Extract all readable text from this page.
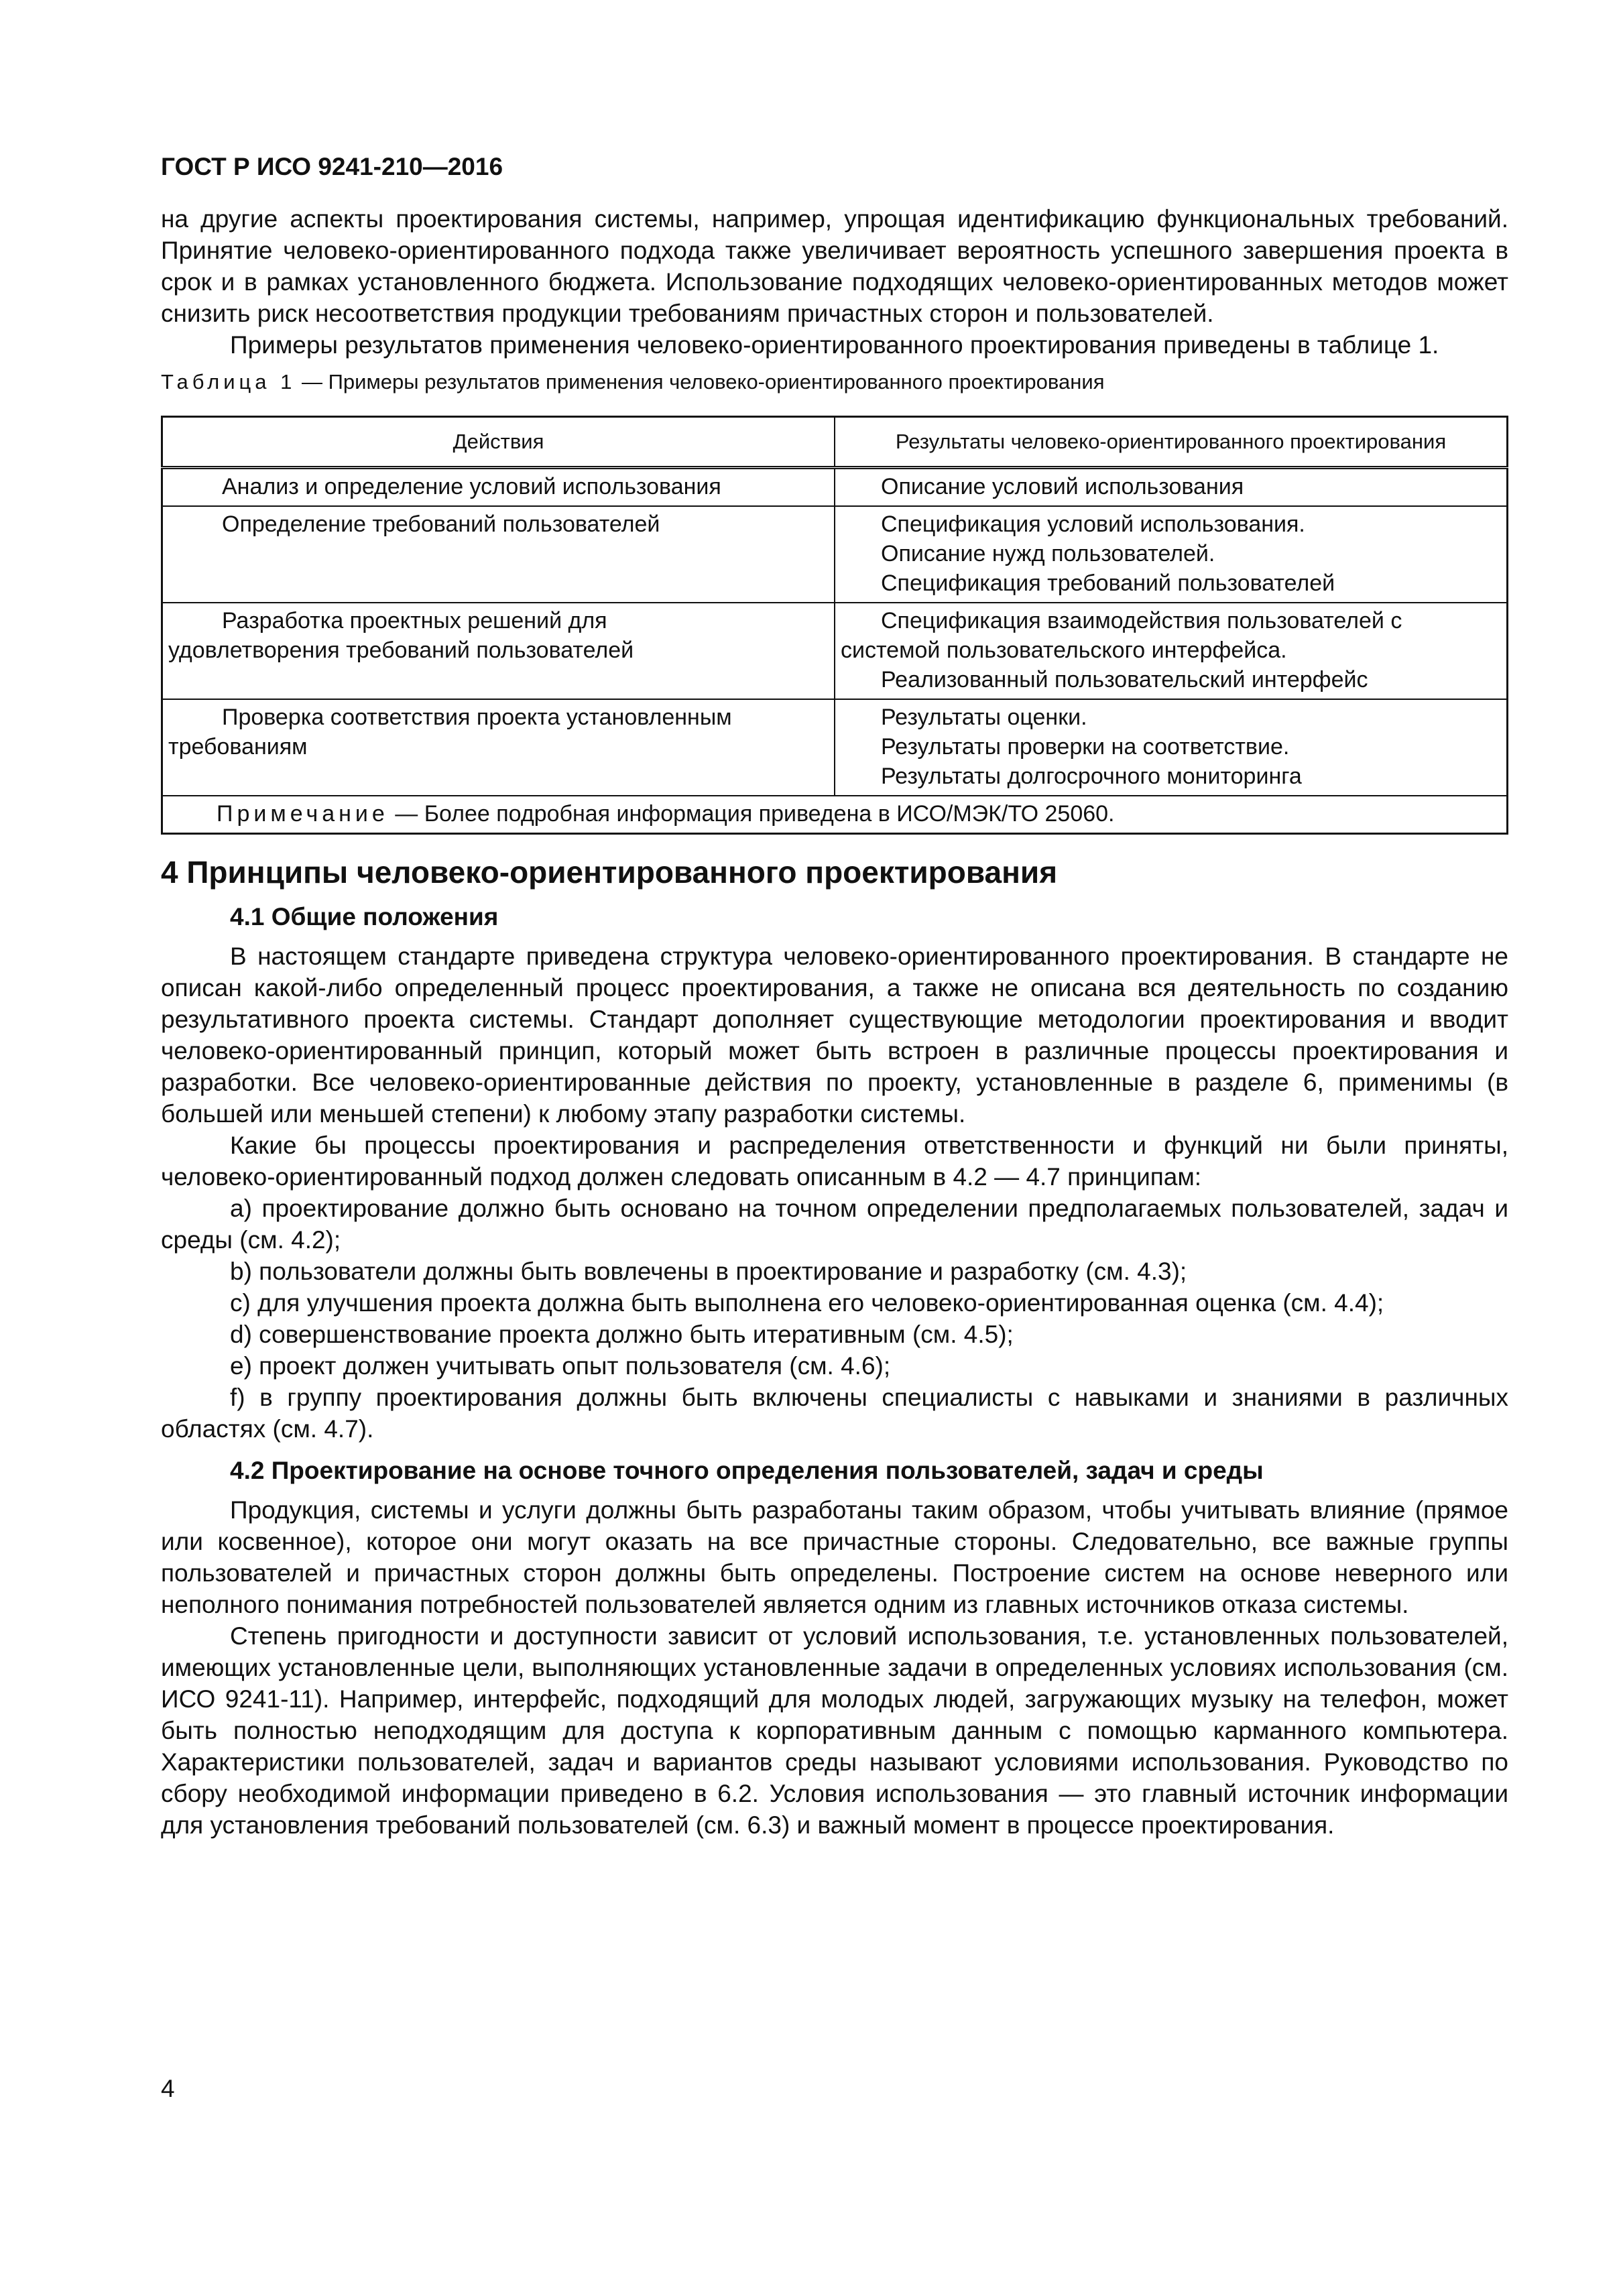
ГОСТ Р ИСО 9241-210—2016

на другие аспекты проектирования системы, например, упрощая идентификацию функциональных требований. Принятие человеко-ориентированного подхода также увеличивает вероятность успешного завершения проекта в срок и в рамках установленного бюджета. Использование подходящих человеко-ориентированных методов может снизить риск несоответствия продукции требованиям причастных сторон и пользователей.

Примеры результатов применения человеко-ориентированного проектирования приведены в таблице 1.

Таблица 1 — Примеры результатов применения человеко-ориентированного проектирования
Действия	Результаты человеко-ориентированного проектирования

Анализ и определение условий использования	Описание условий использования

Определение требований пользователей	Спецификация условий использования.
Описание нужд пользователей.
Спецификация требований пользователей

Разработка проектных решений для
удовлетворения требований пользователей	Спецификация взаимодействия пользователей с
системой пользовательского интерфейса.
Реализованный пользовательский интерфейс

Проверка соответствия проекта установленным
требованиям	Результаты оценки.
Результаты проверки на соответствие.
Результаты долгосрочного мониторинга

Примечание — Более подробная информация приведена в ИСО/МЭК/ТО 25060.	
4 Принципы человеко-ориентированного проектирования
4.1 Общие положения

В настоящем стандарте приведена структура человеко-ориентированного проектирования. В стандарте не описан какой-либо определенный процесс проектирования, а также не описана вся деятельность по созданию результативного проекта системы. Стандарт дополняет существующие методологии проектирования и вводит человеко-ориентированный принцип, который может быть встроен в различные процессы проектирования и разработки. Все человеко-ориентированные действия по проекту, установленные в разделе 6, применимы (в большей или меньшей степени) к любому этапу разработки системы.

Какие бы процессы проектирования и распределения ответственности и функций ни были приняты, человеко-ориентированный подход должен следовать описанным в 4.2 — 4.7 принципам:

a) проектирование должно быть основано на точном определении предполагаемых пользователей, задач и среды (см. 4.2);

b) пользователи должны быть вовлечены в проектирование и разработку (см. 4.3);

c) для улучшения проекта должна быть выполнена его человеко-ориентированная оценка (см. 4.4);

d) совершенствование проекта должно быть итеративным (см. 4.5);

e) проект должен учитывать опыт пользователя (см. 4.6);

f) в группу проектирования должны быть включены специалисты с навыками и знаниями в различных областях (см. 4.7).

4.2 Проектирование на основе точного определения пользователей, задач и среды

Продукция, системы и услуги должны быть разработаны таким образом, чтобы учитывать влияние (прямое или косвенное), которое они могут оказать на все причастные стороны. Следовательно, все важные группы пользователей и причастных сторон должны быть определены. Построение систем на основе неверного или неполного понимания потребностей пользователей является одним из главных источников отказа системы.

Степень пригодности и доступности зависит от условий использования, т.е. установленных пользователей, имеющих установленные цели, выполняющих установленные задачи в определенных условиях использования (см. ИСО 9241-11). Например, интерфейс, подходящий для молодых людей, загружающих музыку на телефон, может быть полностью неподходящим для доступа к корпоративным данным с помощью карманного компьютера. Характеристики пользователей, задач и вариантов среды называют условиями использования. Руководство по сбору необходимой информации приведено в 6.2. Условия использования — это главный источник информации для установления требований пользователей (см. 6.3) и важный момент в процессе проектирования.

4
